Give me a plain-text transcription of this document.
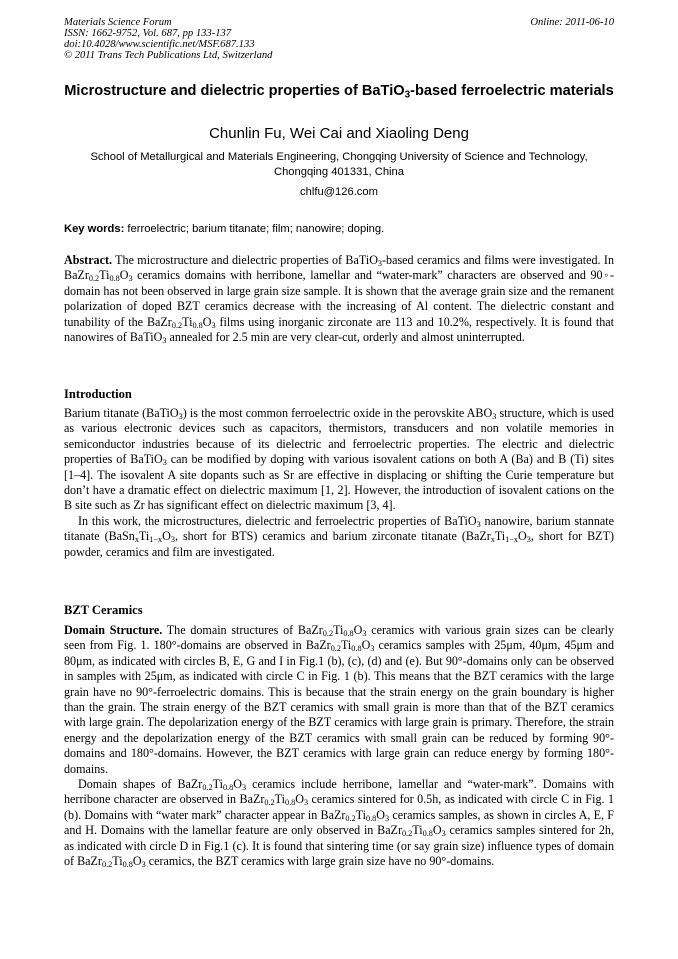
Materials Science Forum
ISSN: 1662-9752, Vol. 687, pp 133-137
doi:10.4028/www.scientific.net/MSF.687.133
© 2011 Trans Tech Publications Ltd, Switzerland
Online: 2011-06-10
Microstructure and dielectric properties of BaTiO$_3$-based ferroelectric materials
Chunlin Fu, Wei Cai and Xiaoling Deng
School of Metallurgical and Materials Engineering, Chongqing University of Science and Technology, Chongqing 401331, China
chlfu@126.com
Key words: ferroelectric; barium titanate; film; nanowire; doping.

Abstract. The microstructure and dielectric properties of BaTiO$_3$-based ceramics and films were investigated. In $BaZr_{0.2}Ti_{0.8}O_3$ ceramics domains with herribone, lamellar and “water-mark” characters are observed and 90◦-domain has not been observed in large grain size sample. It is shown that the average grain size and the remanent polarization of doped BZT ceramics decrease with the increasing of Al content. The dielectric constant and tunability of the $BaZr_{0.2}Ti_{0.8}O_3$ films using inorganic zirconate are 113 and 10.2%, respectively. It is found that nanowires of BaTiO$_3$ annealed for 2.5 min are very clear-cut, orderly and almost uninterrupted.

Introduction

Barium titanate (BaTiO$_3$) is the most common ferroelectric oxide in the perovskite $ABO_3$ structure, which is used as various electronic devices such as capacitors, thermistors, transducers and non volatile memories in semiconductor industries because of its dielectric and ferroelectric properties. The electric and dielectric properties of BaTiO$_3$ can be modified by doping with various isovalent cations on both A (Ba) and B (Ti) sites [1–4]. The isovalent A site dopants such as Sr are effective in displacing or shifting the Curie temperature but don’t have a dramatic effect on dielectric maximum [1, 2]. However, the introduction of isovalent cations on the B site such as Zr has significant effect on dielectric maximum [3, 4].

In this work, the microstructures, dielectric and ferroelectric properties of BaTiO$_3$ nanowire, barium stannate titanate ($BaSn_xTi_{1-x}O_3$, short for BTS) ceramics and barium zirconate titanate ($BaZr_xTi_{1-x}O_3$, short for BZT) powder, ceramics and film are investigated.

BZT Ceramics

Domain Structure. The domain structures of $BaZr_{0.2}Ti_{0.8}O_3$ ceramics with various grain sizes can be clearly seen from Fig. 1. 180°-domains are observed in $BaZr_{0.2}Ti_{0.8}O_3$ ceramics samples with 25μm, 40μm, 45μm and 80μm, as indicated with circles B, E, G and I in Fig.1 (b), (c), (d) and (e). But 90°-domains only can be observed in samples with 25μm, as indicated with circle C in Fig. 1 (b). This means that the BZT ceramics with the large grain have no 90°-ferroelectric domains. This is because that the strain energy on the grain boundary is higher than the grain. The strain energy of the BZT ceramics with small grain is more than that of the BZT ceramics with large grain. The depolarization energy of the BZT ceramics with large grain is primary. Therefore, the strain energy and the depolarization energy of the BZT ceramics with small grain can be reduced by forming 90°-domains and 180°-domains. However, the BZT ceramics with large grain can reduce energy by forming 180°-domains.

Domain shapes of $BaZr_{0.2}Ti_{0.8}O_3$ ceramics include herribone, lamellar and “water-mark”. Domains with herribone character are observed in $BaZr_{0.2}Ti_{0.8}O_3$ ceramics sintered for 0.5h, as indicated with circle C in Fig. 1 (b). Domains with “water mark” character appear in $BaZr_{0.2}Ti_{0.8}O_3$ ceramics samples, as shown in circles A, E, F and H. Domains with the lamellar feature are only observed in $BaZr_{0.2}Ti_{0.8}O_3$ ceramics samples sintered for 2h, as indicated with circle D in Fig.1 (c). It is found that sintering time (or say grain size) influence types of domain of $BaZr_{0.2}Ti_{0.8}O_3$ ceramics, the BZT ceramics with large grain size have no 90°-domains.
